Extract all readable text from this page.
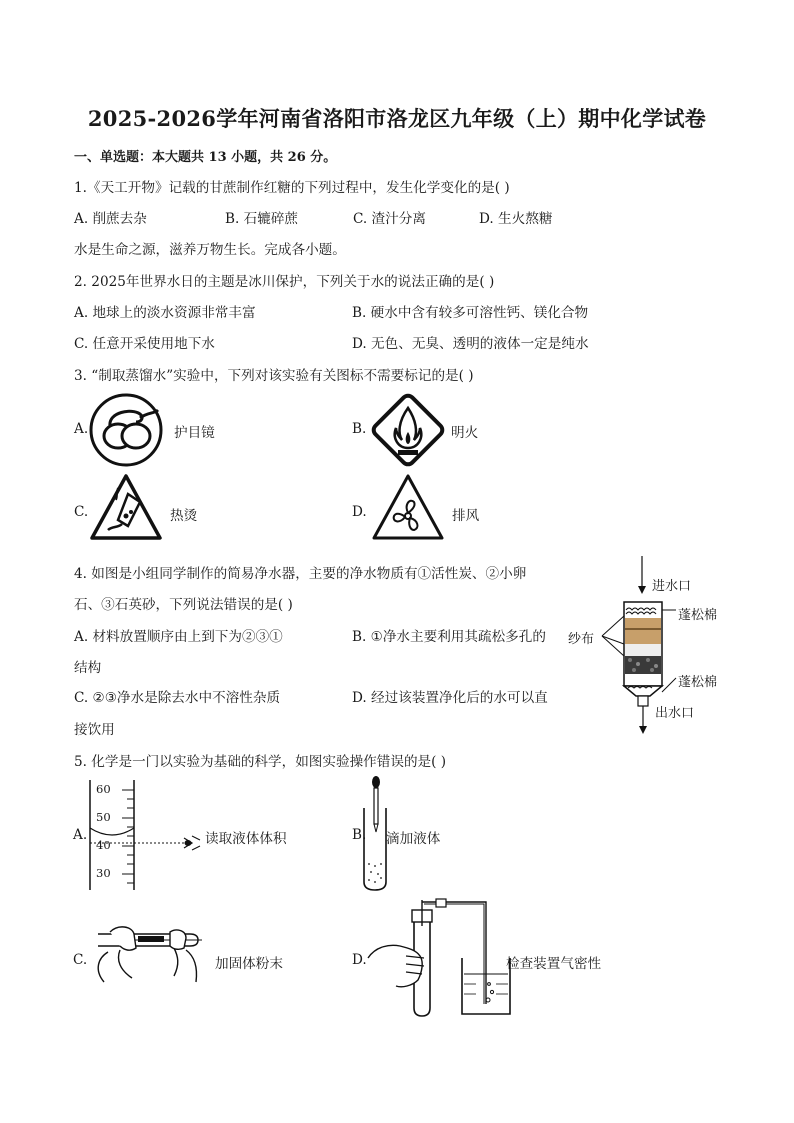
2025-2026学年河南省洛阳市洛龙区九年级（上）期中化学试卷
一、单选题：本大题共 13 小题，共 26 分。
1.《天工开物》记载的甘蔗制作红糖的下列过程中，发生化学变化的是( )
A. 削蔗去杂	B. 石辘碎蔗	C. 渣汁分离	D. 生火熬糖
水是生命之源，滋养万物生长。完成各小题。
2. 2025年世界水日的主题是冰川保护，下列关于水的说法正确的是( )
A. 地球上的淡水资源非常丰富	B. 硬水中含有较多可溶性钙、镁化合物
C. 任意开采使用地下水	D. 无色、无臭、透明的液体一定是纯水
3. “制取蒸馏水”实验中，下列对该实验有关图标不需要标记的是( )
A.	护目镜	B.	明火
C.	热烫	D.	排风
4. 如图是小组同学制作的简易净水器，主要的净水物质有①活性炭、②小卵
石、③石英砂，下列说法错误的是( )
A. 材料放置顺序由上到下为②③①	B. ①净水主要利用其疏松多孔的
结构
C. ②③净水是除去水中不溶性杂质	D. 经过该装置净化后的水可以直
接饮用
进水口
蓬松棉
纱布
蓬松棉
出水口
5. 化学是一门以实验为基础的科学，如图实验操作错误的是( )
A.
60
50
40
30
读取液体体积	B. 滴加液体
C.	加固体粉末	D.	检查装置气密性
